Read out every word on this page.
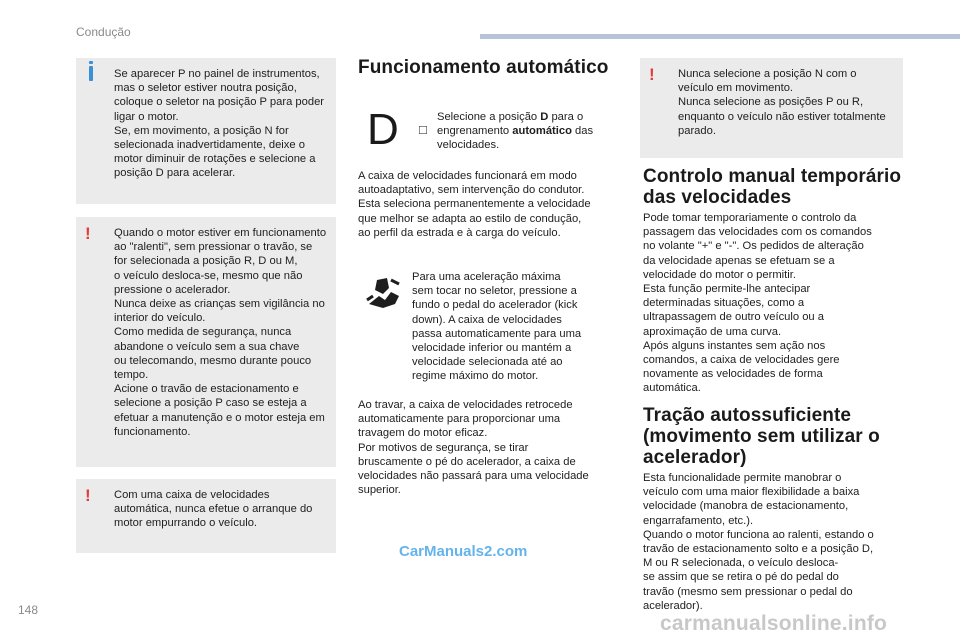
Condução
148
Se aparecer P no painel de instrumentos,
mas o seletor estiver noutra posição,
coloque o seletor na posição P para poder
ligar o motor.
Se, em movimento, a posição N for
selecionada inadvertidamente, deixe o
motor diminuir de rotações e selecione a
posição D para acelerar.
! Quando o motor estiver em funcionamento
ao "ralenti", sem pressionar o travão, se
for selecionada a posição R, D ou M,
o veículo desloca-se, mesmo que não
pressione o acelerador.
Nunca deixe as crianças sem vigilância no
interior do veículo.
Como medida de segurança, nunca
abandone o veículo sem a sua chave
ou telecomando, mesmo durante pouco
tempo.
Acione o travão de estacionamento e
selecione a posição P caso se esteja a
efetuar a manutenção e o motor esteja em
funcionamento.
! Com uma caixa de velocidades
automática, nunca efetue o arranque do
motor empurrando o veículo.
Funcionamento automático
D ☐

Selecione a posição D para o
engrenamento automático das
velocidades.
A caixa de velocidades funcionará em modo
autoadaptativo, sem intervenção do condutor.
Esta seleciona permanentemente a velocidade
que melhor se adapta ao estilo de condução,
ao perfil da estrada e à carga do veículo.
Para uma aceleração máxima
sem tocar no seletor, pressione a
fundo o pedal do acelerador (kick
down). A caixa de velocidades
passa automaticamente para uma
velocidade inferior ou mantém a
velocidade selecionada até ao
regime máximo do motor.
Ao travar, a caixa de velocidades retrocede
automaticamente para proporcionar uma
travagem do motor eficaz.
Por motivos de segurança, se tirar
bruscamente o pé do acelerador, a caixa de
velocidades não passará para uma velocidade
superior.
! Nunca selecione a posição N com o
veículo em movimento.
Nunca selecione as posições P ou R,
enquanto o veículo não estiver totalmente
parado.
Controlo manual temporário das velocidades
Pode tomar temporariamente o controlo da
passagem das velocidades com os comandos
no volante "+" e "-". Os pedidos de alteração
da velocidade apenas se efetuam se a
velocidade do motor o permitir.
Esta função permite-lhe antecipar
determinadas situações, como a
ultrapassagem de outro veículo ou a
aproximação de uma curva.
Após alguns instantes sem ação nos
comandos, a caixa de velocidades gere
novamente as velocidades de forma
automática.
Tração autossuficiente (movimento sem utilizar o acelerador)
Esta funcionalidade permite manobrar o
veículo com uma maior flexibilidade a baixa
velocidade (manobra de estacionamento,
engarrafamento, etc.).
Quando o motor funciona ao ralenti, estando o
travão de estacionamento solto e a posição D,
M ou R selecionada, o veículo desloca-
se assim que se retira o pé do pedal do
travão (mesmo sem pressionar o pedal do
acelerador).
CarManuals2.com
carmanualsonline.info
